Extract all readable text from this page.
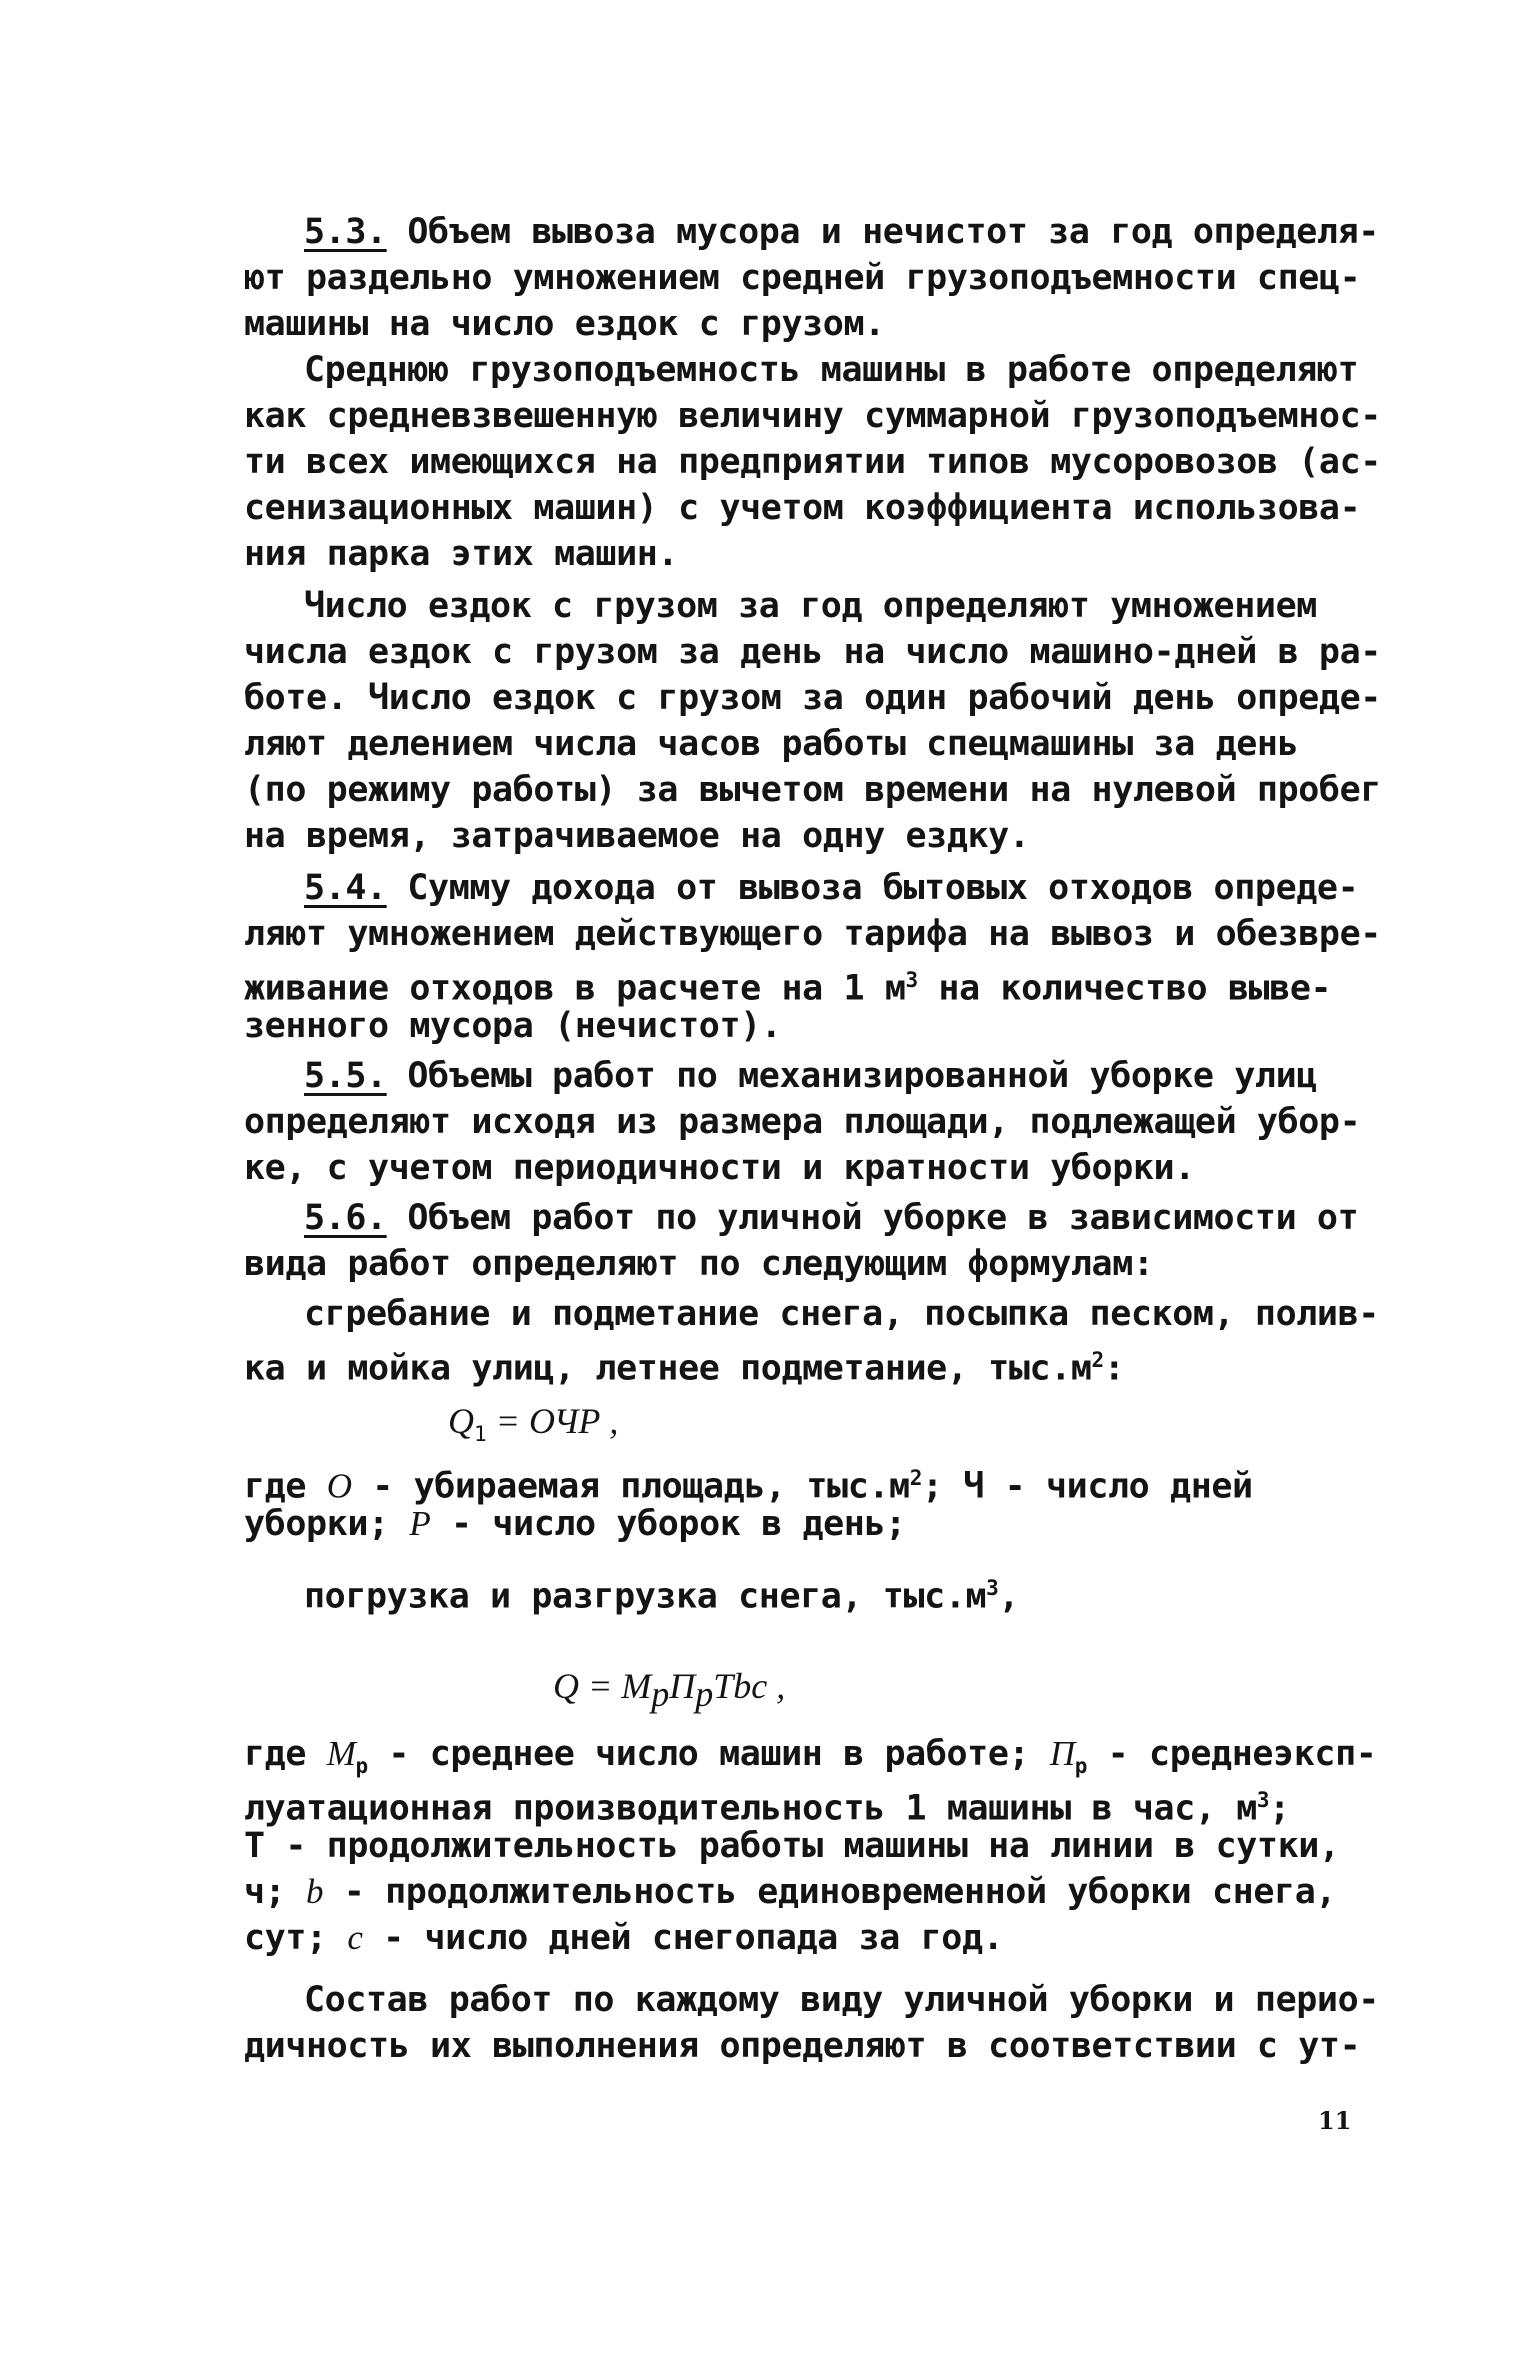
5.3. Объем вывоза мусора и нечистот за год определя-

ют раздельно умножением средней грузоподъемности спец-

машины на число ездок с грузом.

Среднюю грузоподъемность машины в работе определяют

как средневзвешенную величину суммарной грузоподъемнос-

ти всех имеющихся на предприятии типов мусоровозов (ас-

сенизационных машин) с учетом коэффициента использова-

ния парка этих машин.

Число ездок с грузом за год определяют умножением

числа ездок с грузом за день на число машино-дней в ра-

боте. Число ездок с грузом за один рабочий день опреде-

ляют делением числа часов работы спецмашины за день

(по режиму работы) за вычетом времени на нулевой пробег

на время, затрачиваемое на одну ездку.

5.4. Сумму дохода от вывоза бытовых отходов опреде-

ляют умножением действующего тарифа на вывоз и обезвре-

живание отходов в расчете на 1 $м^3$ на количество выве-

зенного мусора (нечистот).

5.5. Объемы работ по механизированной уборке улиц

определяют исходя из размера площади, подлежащей убор-

ке, с учетом периодичности и кратности уборки.

5.6. Объем работ по уличной уборке в зависимости от

вида работ определяют по следующим формулам:

сгребание и подметание снега, посыпка песком, полив-

ка и мойка улиц, летнее подметание, $тыс.м^2$:

$Q_1$ = ОЧР ,

где О - убираемая площадь, $тыс.м^2$; Ч - число дней

уборки; Р - число уборок в день;

погрузка и разгрузка снега, $тыс.м^3$,

$Q = М_рП_рTbc$ ,

где $М_р$ - среднее число машин в работе; $П_р$ - среднеэксп-

луатационная производительность 1 машины в час, $м^3$;

Т - продолжительность работы машины на линии в сутки,

ч; b - продолжительность единовременной уборки снега,

сут; с - число дней снегопада за год.

Состав работ по каждому виду уличной уборки и перио-

дичность их выполнения определяют в соответствии с ут-

11
